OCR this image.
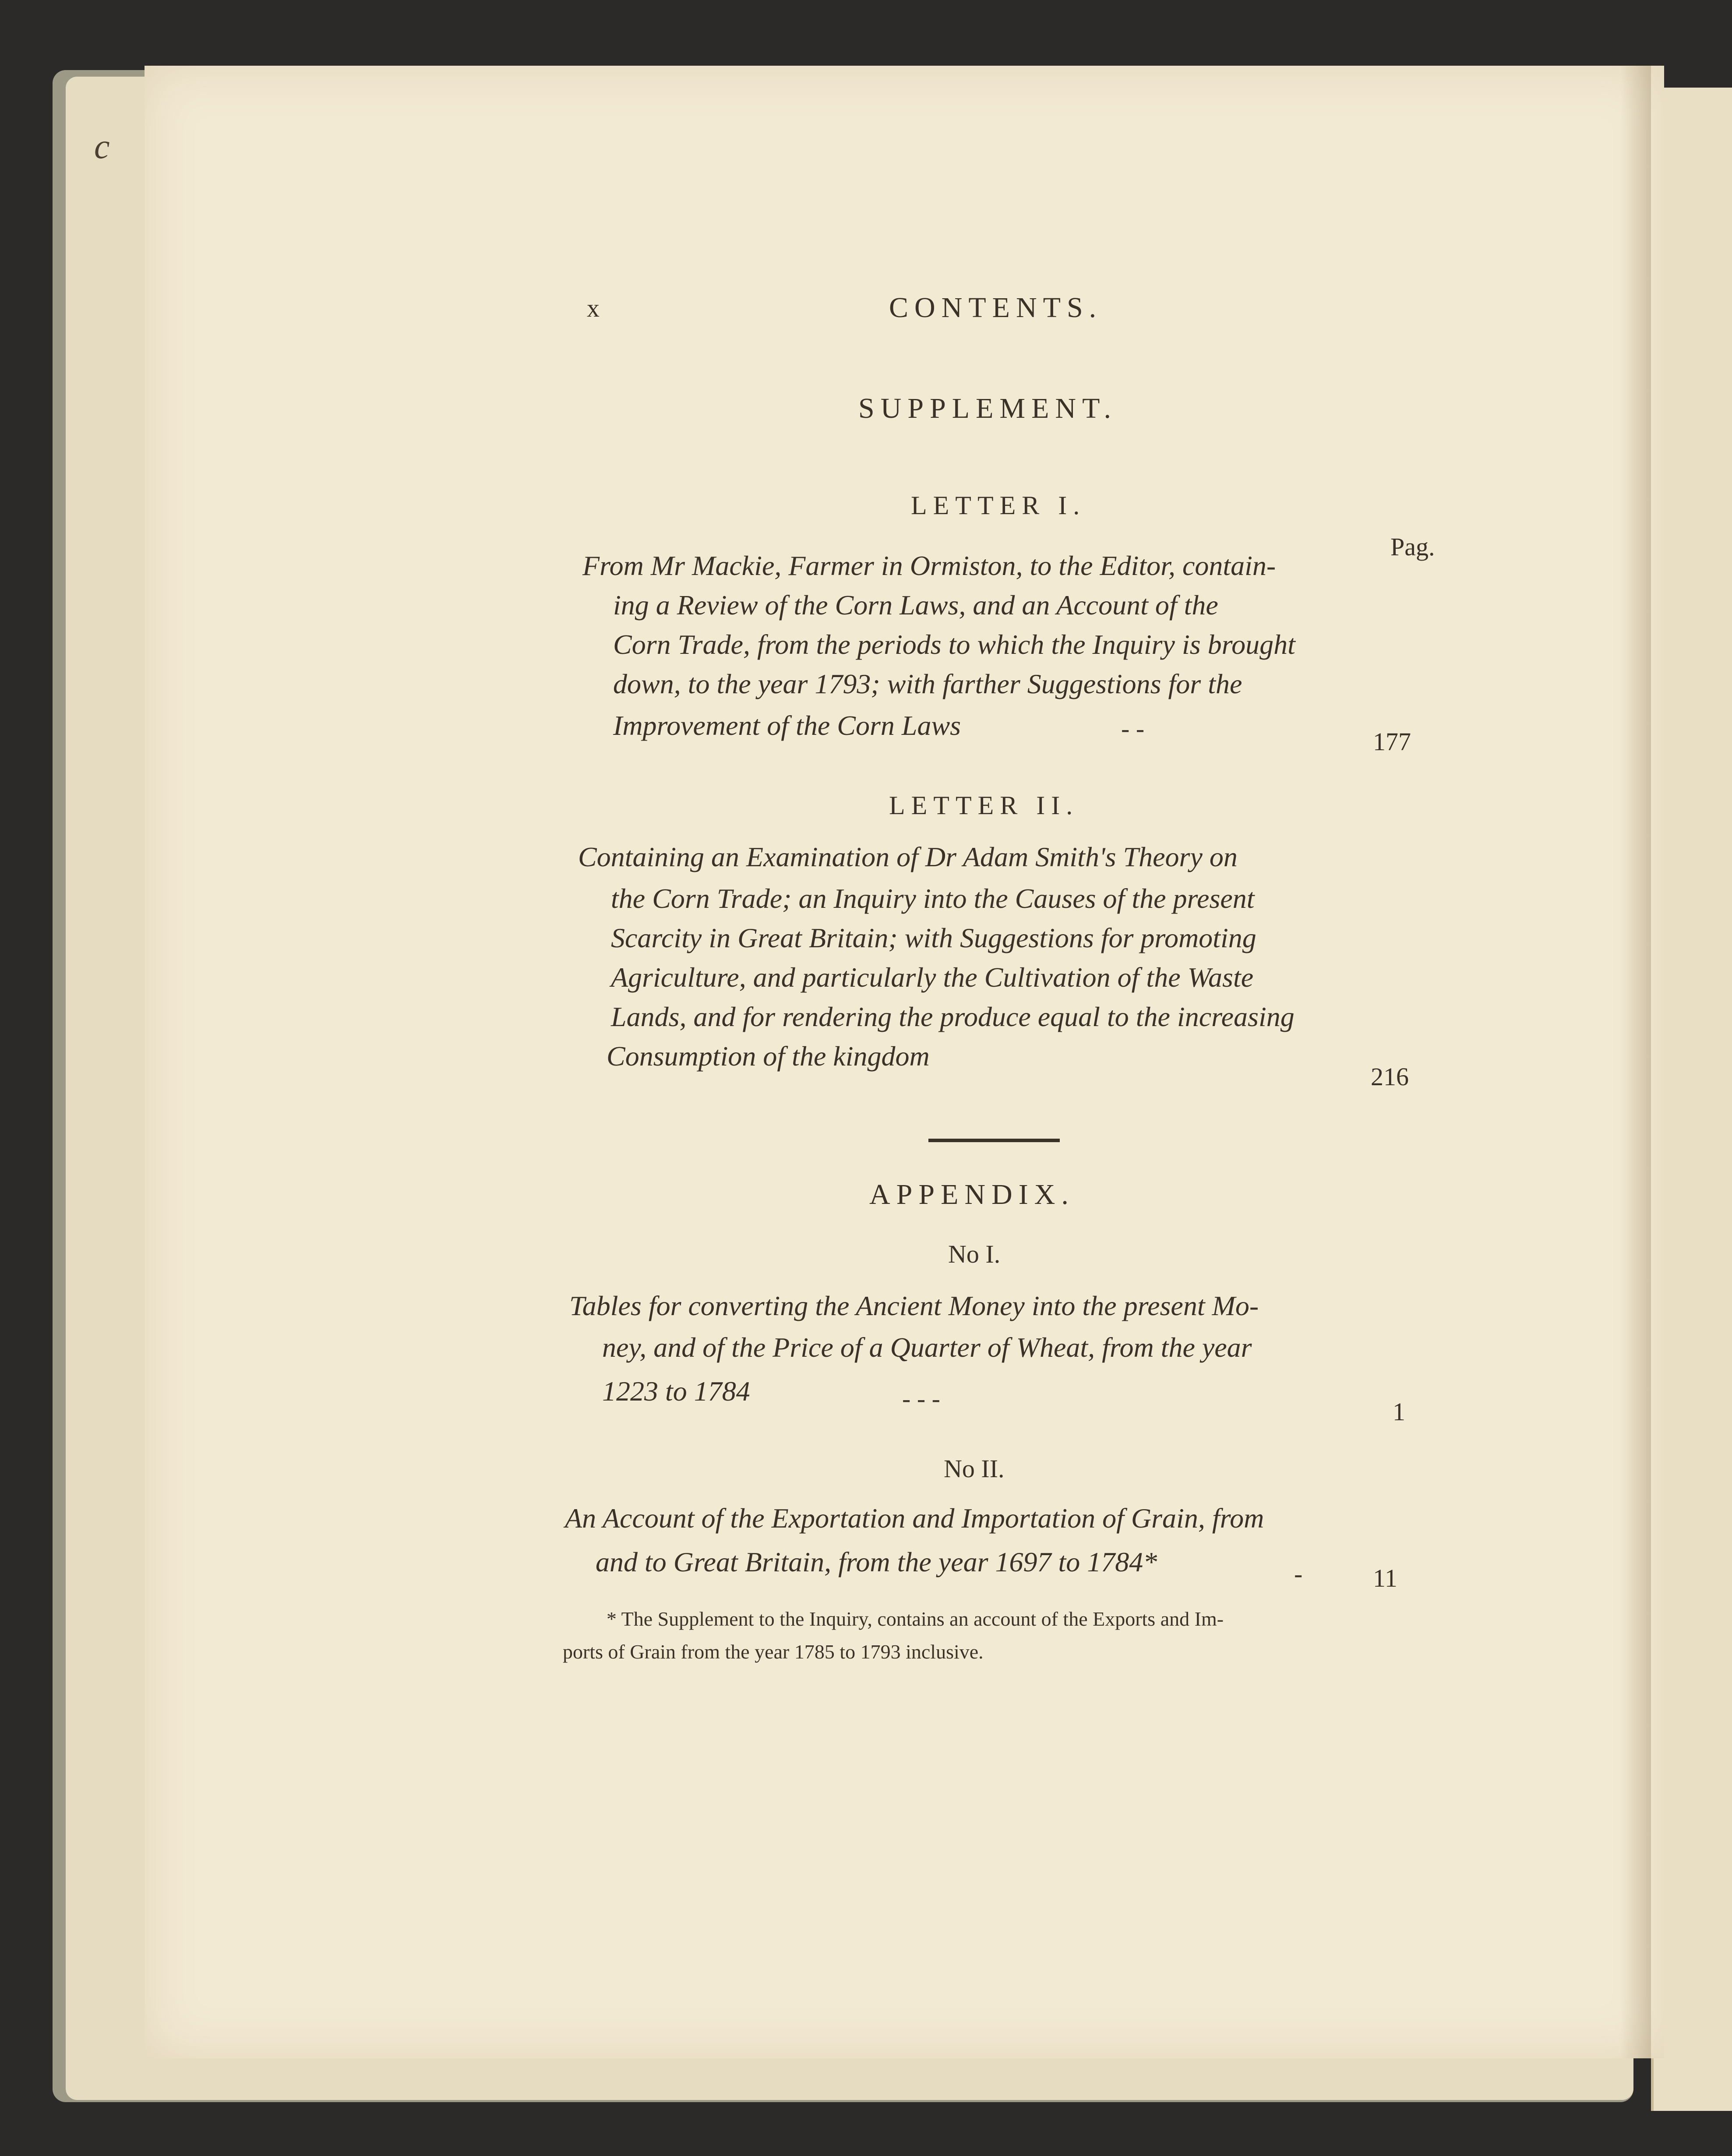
c
x	CONTENTS.
SUPPLEMENT.
LETTER I.
Pag.
From Mr Mackie, Farmer in Ormiston, to the Editor, contain-
ing a Review of the Corn Laws, and an Account of the
Corn Trade, from the periods to which the Inquiry is brought
down, to the year 1793; with farther Suggestions for the
Improvement of the Corn Laws	- -	177
LETTER II.
Containing an Examination of Dr Adam Smith's Theory on
the Corn Trade; an Inquiry into the Causes of the present
Scarcity in Great Britain; with Suggestions for promoting
Agriculture, and particularly the Cultivation of the Waste
Lands, and for rendering the produce equal to the increasing
Consumption of the kingdom
216
APPENDIX.
No I.
Tables for converting the Ancient Money into the present Mo-
ney, and of the Price of a Quarter of Wheat, from the year
1223 to 1784	- - -	1
No II.
An Account of the Exportation and Importation of Grain, from
and to Great Britain, from the year 1697 to 1784*	-	11
* The Supplement to the Inquiry, contains an account of the Exports and Im-
ports of Grain from the year 1785 to 1793 inclusive.
